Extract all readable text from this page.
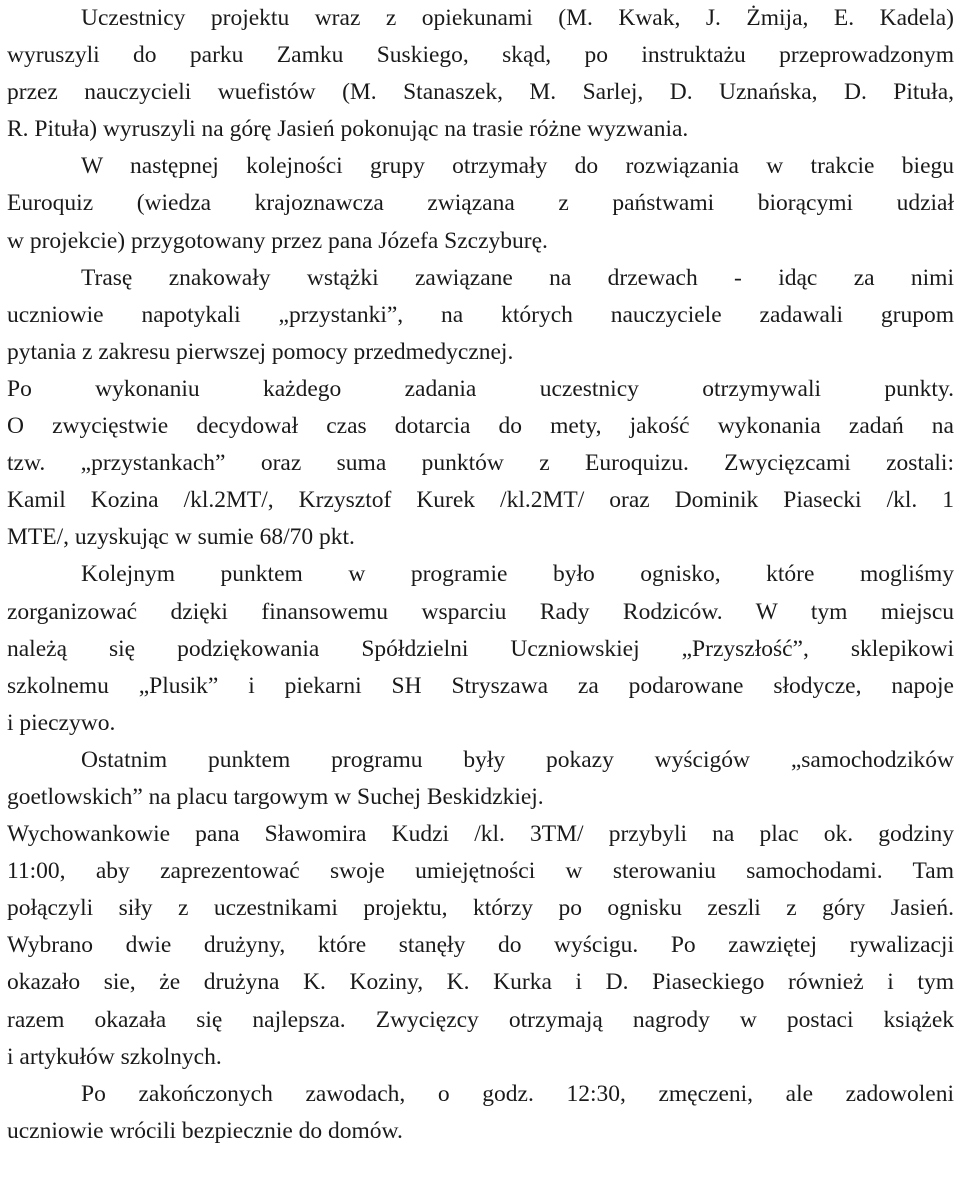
Uczestnicy projektu wraz z opiekunami (M. Kwak, J. Żmija, E. Kadela)
wyruszyli do parku Zamku Suskiego, skąd, po instruktażu przeprowadzonym
przez nauczycieli wuefistów (M. Stanaszek, M. Sarlej, D. Uznańska, D. Pituła,
R. Pituła) wyruszyli na górę Jasień pokonując na trasie różne wyzwania.
W następnej kolejności grupy otrzymały do rozwiązania w trakcie biegu
Euroquiz (wiedza krajoznawcza związana z państwami biorącymi udział
w projekcie) przygotowany przez pana Józefa Szczyburę.
Trasę znakowały wstążki zawiązane na drzewach - idąc za nimi
uczniowie napotykali „przystanki”, na których nauczyciele zadawali grupom
pytania z zakresu pierwszej pomocy przedmedycznej.
Po wykonaniu każdego zadania uczestnicy otrzymywali punkty.
O zwycięstwie decydował czas dotarcia do mety, jakość wykonania zadań na
tzw. „przystankach” oraz suma punktów z Euroquizu. Zwycięzcami zostali:
Kamil Kozina /kl.2MT/, Krzysztof Kurek /kl.2MT/ oraz Dominik Piasecki /kl. 1
MTE/, uzyskując w sumie 68/70 pkt.
Kolejnym punktem w programie było ognisko, które mogliśmy
zorganizować dzięki finansowemu wsparciu Rady Rodziców. W tym miejscu
należą się podziękowania Spółdzielni Uczniowskiej „Przyszłość”, sklepikowi
szkolnemu „Plusik” i piekarni SH Stryszawa za podarowane słodycze, napoje
i pieczywo.
Ostatnim punktem programu były pokazy wyścigów „samochodzików
goetlowskich” na placu targowym w Suchej Beskidzkiej.
Wychowankowie pana Sławomira Kudzi /kl. 3TM/ przybyli na plac ok. godziny
11:00, aby zaprezentować swoje umiejętności w sterowaniu samochodami. Tam
połączyli siły z uczestnikami projektu, którzy po ognisku zeszli z góry Jasień.
Wybrano dwie drużyny, które stanęły do wyścigu. Po zawziętej rywalizacji
okazało sie, że drużyna K. Koziny, K. Kurka i D. Piaseckiego również i tym
razem okazała się najlepsza. Zwycięzcy otrzymają nagrody w postaci książek
i artykułów szkolnych.
Po zakończonych zawodach, o godz. 12:30, zmęczeni, ale zadowoleni
uczniowie wrócili bezpiecznie do domów.
